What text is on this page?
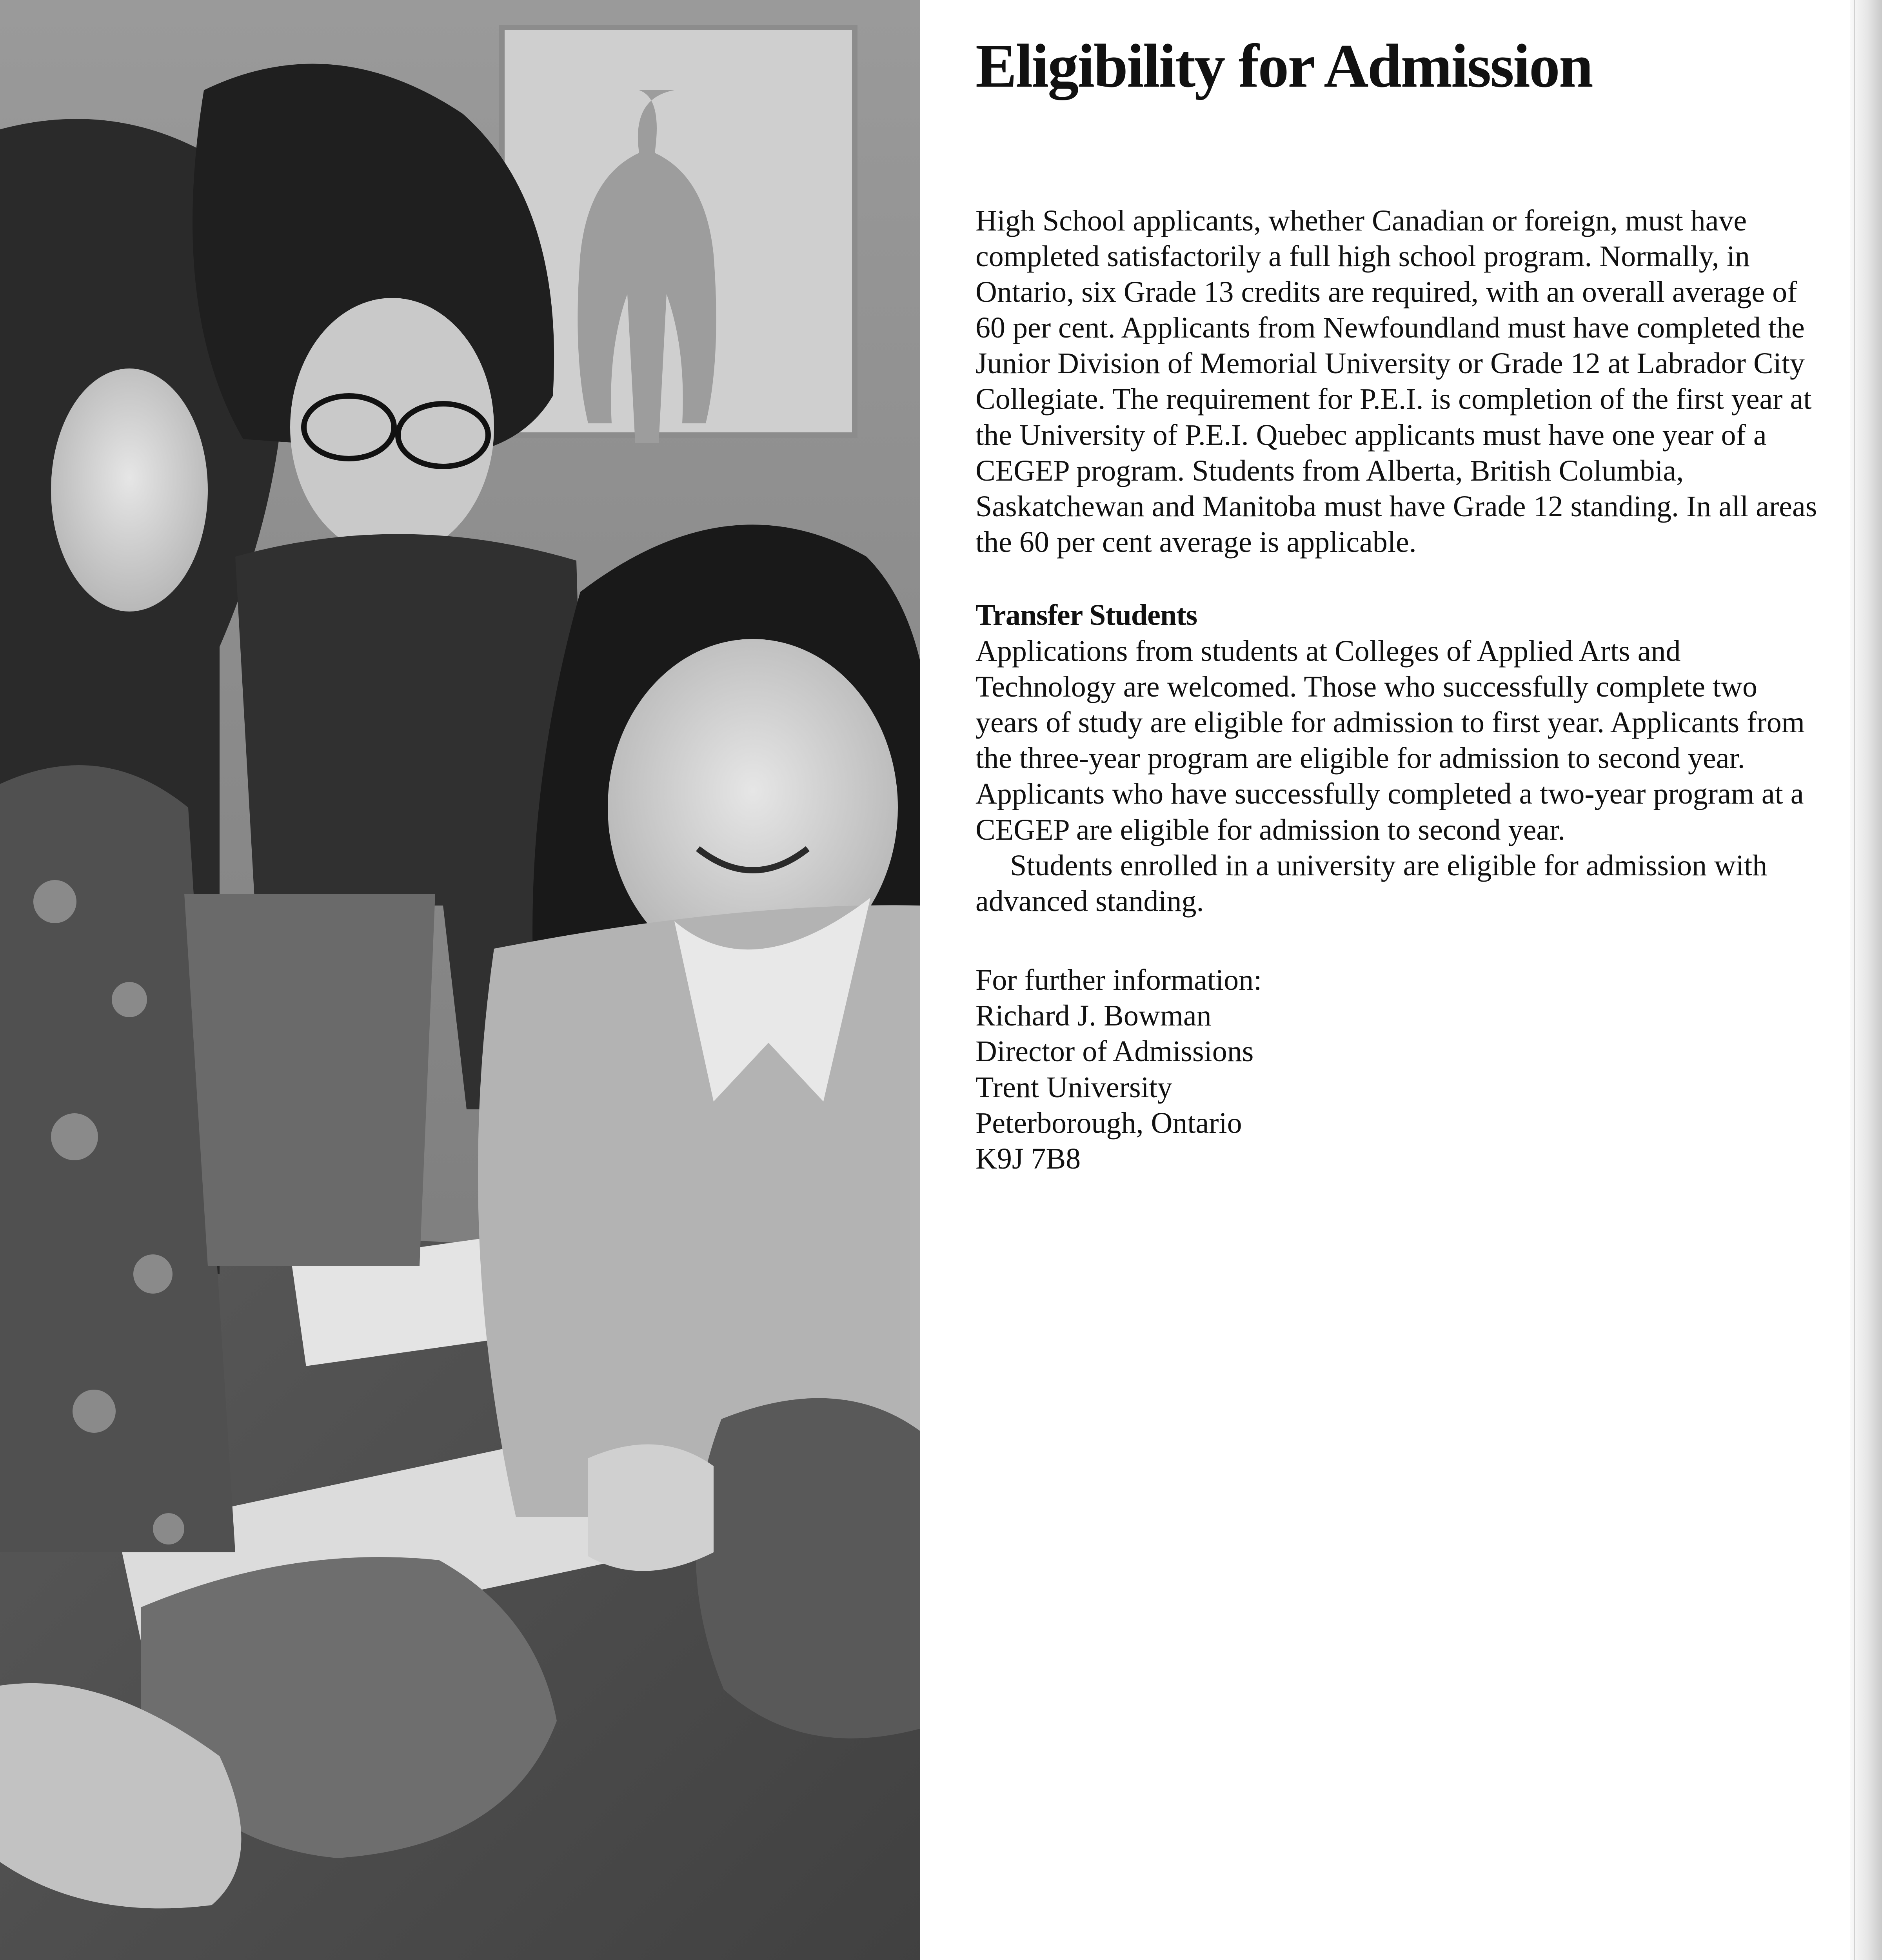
Eligibility for Admission

High School applicants, whether Canadian or foreign, must have completed satisfactorily a full high school program. Normally, in Ontario, six Grade 13 credits are required, with an overall average of 60 per cent. Applicants from Newfoundland must have completed the Junior Division of Memorial University or Grade 12 at Labrador City Collegiate. The requirement for P.E.I. is completion of the first year at the University of P.E.I. Quebec applicants must have one year of a CEGEP program. Students from Alberta, British Columbia, Saskatchewan and Manitoba must have Grade 12 standing. In all areas the 60 per cent average is applicable.

Transfer Students

Applications from students at Colleges of Applied Arts and Technology are welcomed. Those who successfully complete two years of study are eligible for admission to first year. Applicants from the three-year program are eligible for admission to second year. Applicants who have successfully completed a two-year program at a CEGEP are eligible for admission to second year.

Students enrolled in a university are eligible for admission with advanced standing.

For further information:
Richard J. Bowman
Director of Admissions
Trent University
Peterborough, Ontario
K9J 7B8
